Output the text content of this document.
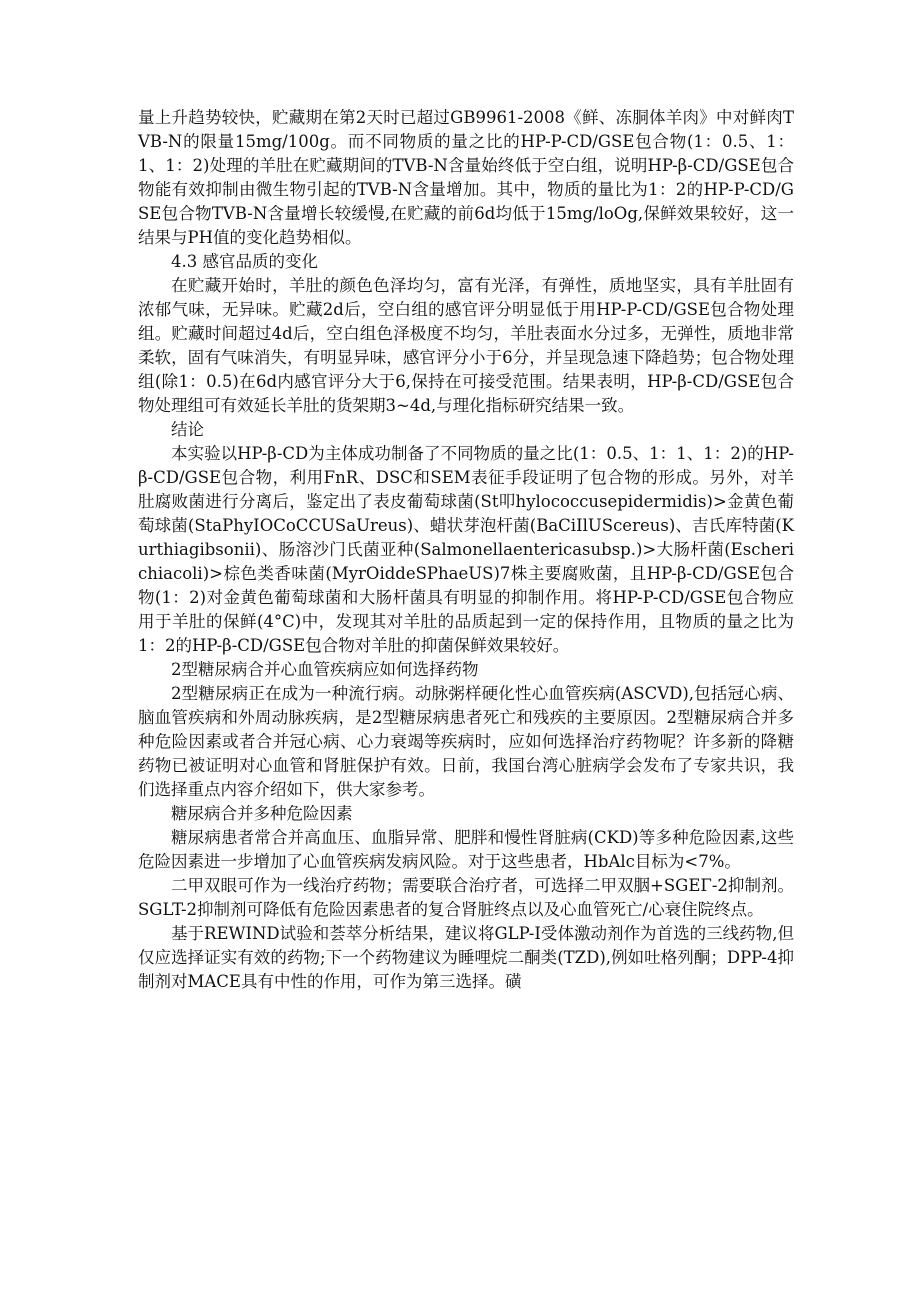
量上升趋势较快，贮藏期在第2天时已超过GB9961-2008《鲜、冻胴体羊肉》中对鲜肉TVB-N的限量15mg/100g。而不同物质的量之比的HP-P-CD/GSE包合物(1：0.5、1：1、1：2)处理的羊肚在贮藏期间的TVB-N含量始终低于空白组，说明HP-β-CD/GSE包合物能有效抑制由微生物引起的TVB-N含量增加。其中，物质的量比为1：2的HP-P-CD/GSE包合物TVB-N含量增长较缓慢,在贮藏的前6d均低于15mg/loOg,保鲜效果较好，这一结果与PH值的变化趋势相似。

4.3 感官品质的变化

在贮藏开始时，羊肚的颜色色泽均匀，富有光泽，有弹性，质地坚实，具有羊肚固有浓郁气味，无异味。贮藏2d后，空白组的感官评分明显低于用HP-P-CD/GSE包合物处理组。贮藏时间超过4d后，空白组色泽极度不均匀，羊肚表面水分过多，无弹性，质地非常柔软，固有气味消失，有明显异味，感官评分小于6分，并呈现急速下降趋势；包合物处理组(除1：0.5)在6d内感官评分大于6,保持在可接受范围。结果表明，HP-β-CD/GSE包合物处理组可有效延长羊肚的货架期3~4d,与理化指标研究结果一致。

结论

本实验以HP-β-CD为主体成功制备了不同物质的量之比(1：0.5、1：1、1：2)的HP-β-CD/GSE包合物，利用FnR、DSC和SEM表征手段证明了包合物的形成。另外，对羊肚腐败菌进行分离后，鉴定出了表皮葡萄球菌(St叩hylococcusepidermidis)>金黄色葡萄球菌(StaPhyIOCoCCUSaUreus)、蜡状芽泡杆菌(BaCiIlUScereus)、吉氏库特菌(Kurthiagibsonii)、肠溶沙门氏菌亚种(Salmonellaentericasubsp.)>大肠杆菌(Escherichiacoli)>棕色类香味菌(MyrOiddeSPhaeUS)7株主要腐败菌，且HP-β-CD/GSE包合物(1：2)对金黄色葡萄球菌和大肠杆菌具有明显的抑制作用。将HP-P-CD/GSE包合物应用于羊肚的保鲜(4°C)中，发现其对羊肚的品质起到一定的保持作用，且物质的量之比为1：2的HP-β-CD/GSE包合物对羊肚的抑菌保鲜效果较好。

2型糖尿病合并心血管疾病应如何选择药物

2型糖尿病正在成为一种流行病。动脉粥样硬化性心血管疾病(ASCVD),包括冠心病、脑血管疾病和外周动脉疾病，是2型糖尿病患者死亡和残疾的主要原因。2型糖尿病合并多种危险因素或者合并冠心病、心力衰竭等疾病时，应如何选择治疗药物呢？许多新的降糖药物已被证明对心血管和肾脏保护有效。日前，我国台湾心脏病学会发布了专家共识，我们选择重点内容介绍如下，供大家参考。

糖尿病合并多种危险因素

糖尿病患者常合并高血压、血脂异常、肥胖和慢性肾脏病(CKD)等多种危险因素,这些危险因素进一步增加了心血管疾病发病风险。对于这些患者，HbAlc目标为<7%。

二甲双眼可作为一线治疗药物；需要联合治疗者，可选择二甲双胭+SGEΓ-2抑制剂。SGLT-2抑制剂可降低有危险因素患者的复合肾脏终点以及心血管死亡/心衰住院终点。

基于REWIND试验和荟萃分析结果，建议将GLP-I受体激动剂作为首选的三线药物,但仅应选择证实有效的药物;下一个药物建议为睡哩烷二酮类(TZD),例如吐格列酮；DPP-4抑制剂对MACE具有中性的作用，可作为第三选择。磺
